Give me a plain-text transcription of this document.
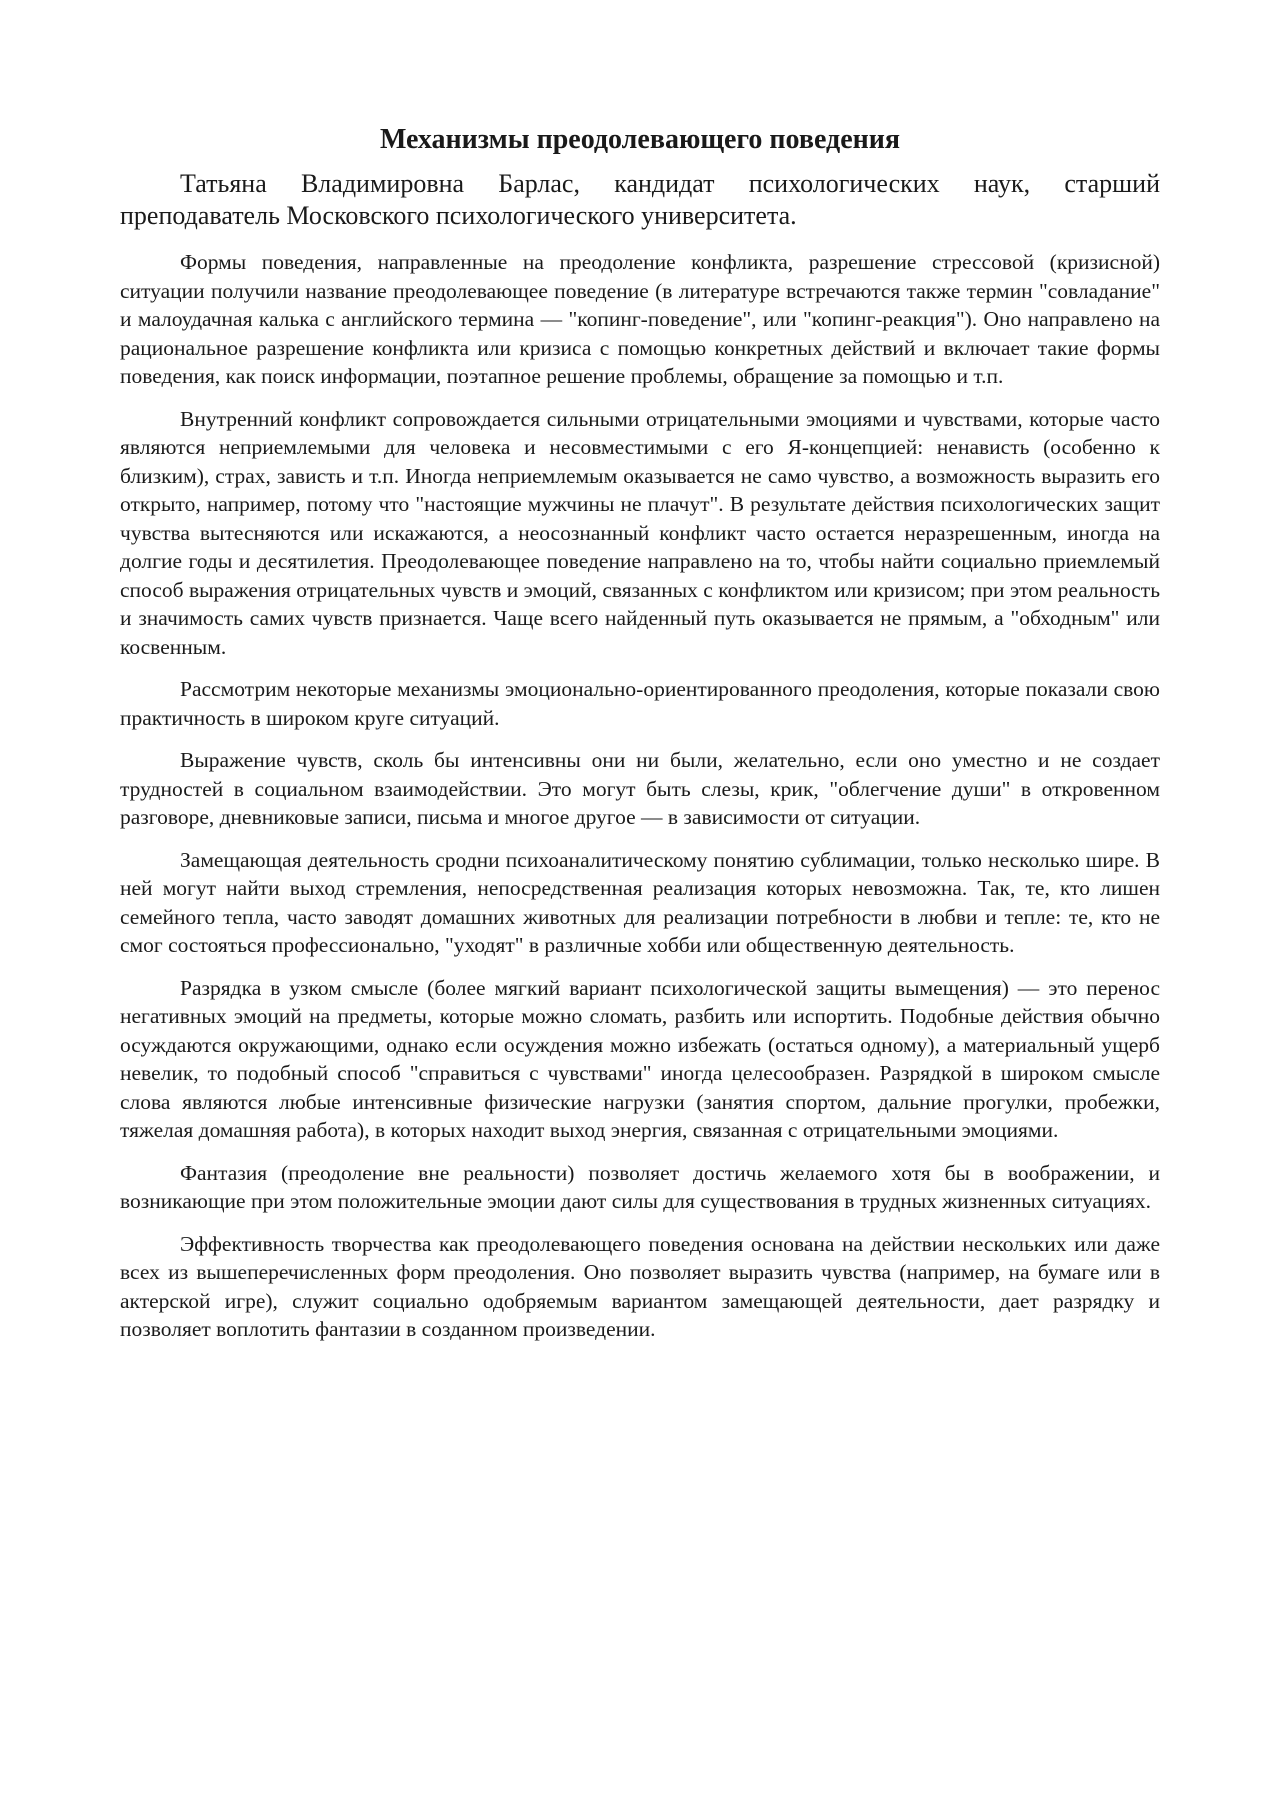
Механизмы преодолевающего поведения

Татьяна Владимировна Барлас, кандидат психологических наук, старший преподаватель Московского психологического университета.

Формы поведения, направленные на преодоление конфликта, разрешение стрессовой (кризисной) ситуации получили название преодолевающее поведение (в литературе встречаются также термин "совладание" и малоудачная калька с английского термина — "копинг-поведение", или "копинг-реакция"). Оно направлено на рациональное разрешение конфликта или кризиса с помощью конкретных действий и включает такие формы поведения, как поиск информации, поэтапное решение проблемы, обращение за помощью и т.п.

Внутренний конфликт сопровождается сильными отрицательными эмоциями и чувствами, которые часто являются неприемлемыми для человека и несовместимыми с его Я-концепцией: ненависть (особенно к близким), страх, зависть и т.п. Иногда неприемлемым оказывается не само чувство, а возможность выразить его открыто, например, потому что "настоящие мужчины не плачут". В результате действия психологических защит чувства вытесняются или искажаются, а неосознанный конфликт часто остается неразрешенным, иногда на долгие годы и десятилетия. Преодолевающее поведение направлено на то, чтобы найти социально приемлемый способ выражения отрицательных чувств и эмоций, связанных с конфликтом или кризисом; при этом реальность и значимость самих чувств признается. Чаще всего найденный путь оказывается не прямым, а "обходным" или косвенным.

Рассмотрим некоторые механизмы эмоционально-ориентированного преодоления, которые показали свою практичность в широком круге ситуаций.

Выражение чувств, сколь бы интенсивны они ни были, желательно, если оно уместно и не создает трудностей в социальном взаимодействии. Это могут быть слезы, крик, "облегчение души" в откровенном разговоре, дневниковые записи, письма и многое другое — в зависимости от ситуации.

Замещающая деятельность сродни психоаналитическому понятию сублимации, только несколько шире. В ней могут найти выход стремления, непосредственная реализация которых невозможна. Так, те, кто лишен семейного тепла, часто заводят домашних животных для реализации потребности в любви и тепле: те, кто не смог состояться профессионально, "уходят" в различные хобби или общественную деятельность.

Разрядка в узком смысле (более мягкий вариант психологической защиты вымещения) — это перенос негативных эмоций на предметы, которые можно сломать, разбить или испортить. Подобные действия обычно осуждаются окружающими, однако если осуждения можно избежать (остаться одному), а материальный ущерб невелик, то подобный способ "справиться с чувствами" иногда целесообразен. Разрядкой в широком смысле слова являются любые интенсивные физические нагрузки (занятия спортом, дальние прогулки, пробежки, тяжелая домашняя работа), в которых находит выход энергия, связанная с отрицательными эмоциями.

Фантазия (преодоление вне реальности) позволяет достичь желаемого хотя бы в воображении, и возникающие при этом положительные эмоции дают силы для существования в трудных жизненных ситуациях.

Эффективность творчества как преодолевающего поведения основана на действии нескольких или даже всех из вышеперечисленных форм преодоления. Оно позволяет выразить чувства (например, на бумаге или в актерской игре), служит социально одобряемым вариантом замещающей деятельности, дает разрядку и позволяет воплотить фантазии в созданном произведении.
